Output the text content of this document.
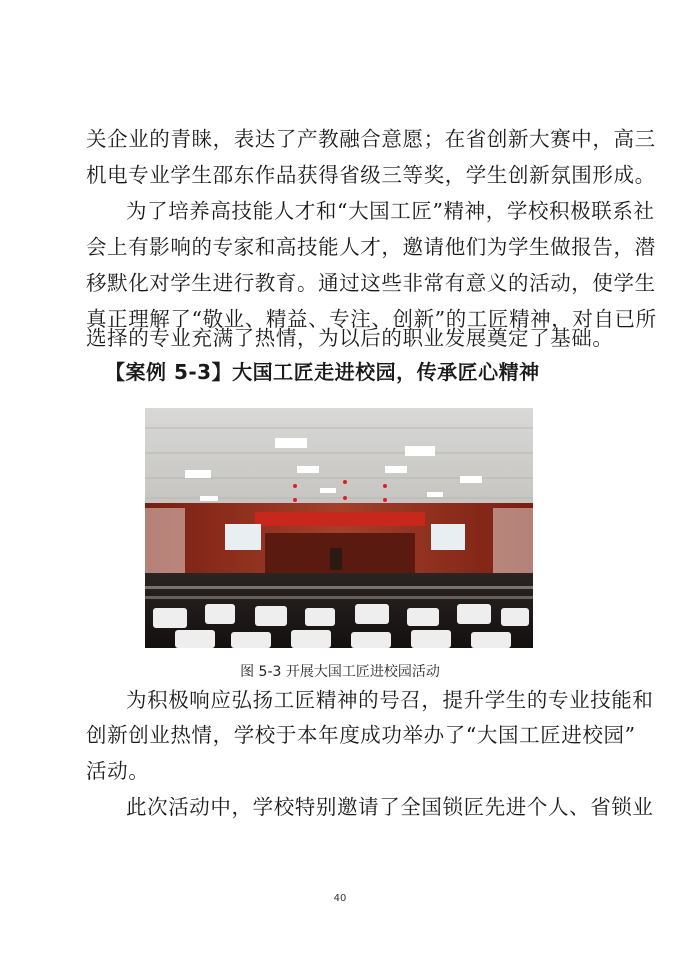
关企业的青睐，表达了产教融合意愿；在省创新大赛中，高三
机电专业学生邵东作品获得省级三等奖，学生创新氛围形成。
为了培养高技能人才和“大国工匠”精神，学校积极联系社
会上有影响的专家和高技能人才，邀请他们为学生做报告，潜
移默化对学生进行教育。通过这些非常有意义的活动，使学生
真正理解了“敬业、精益、专注、创新”的工匠精神，对自已所
选择的专业充满了热情，为以后的职业发展奠定了基础。
【案例 5-3】大国工匠走进校园，传承匠心精神
图 5-3 开展大国工匠进校园活动
为积极响应弘扬工匠精神的号召，提升学生的专业技能和
创新创业热情，学校于本年度成功举办了“大国工匠进校园”
活动。
此次活动中，学校特别邀请了全国锁匠先进个人、省锁业
40
